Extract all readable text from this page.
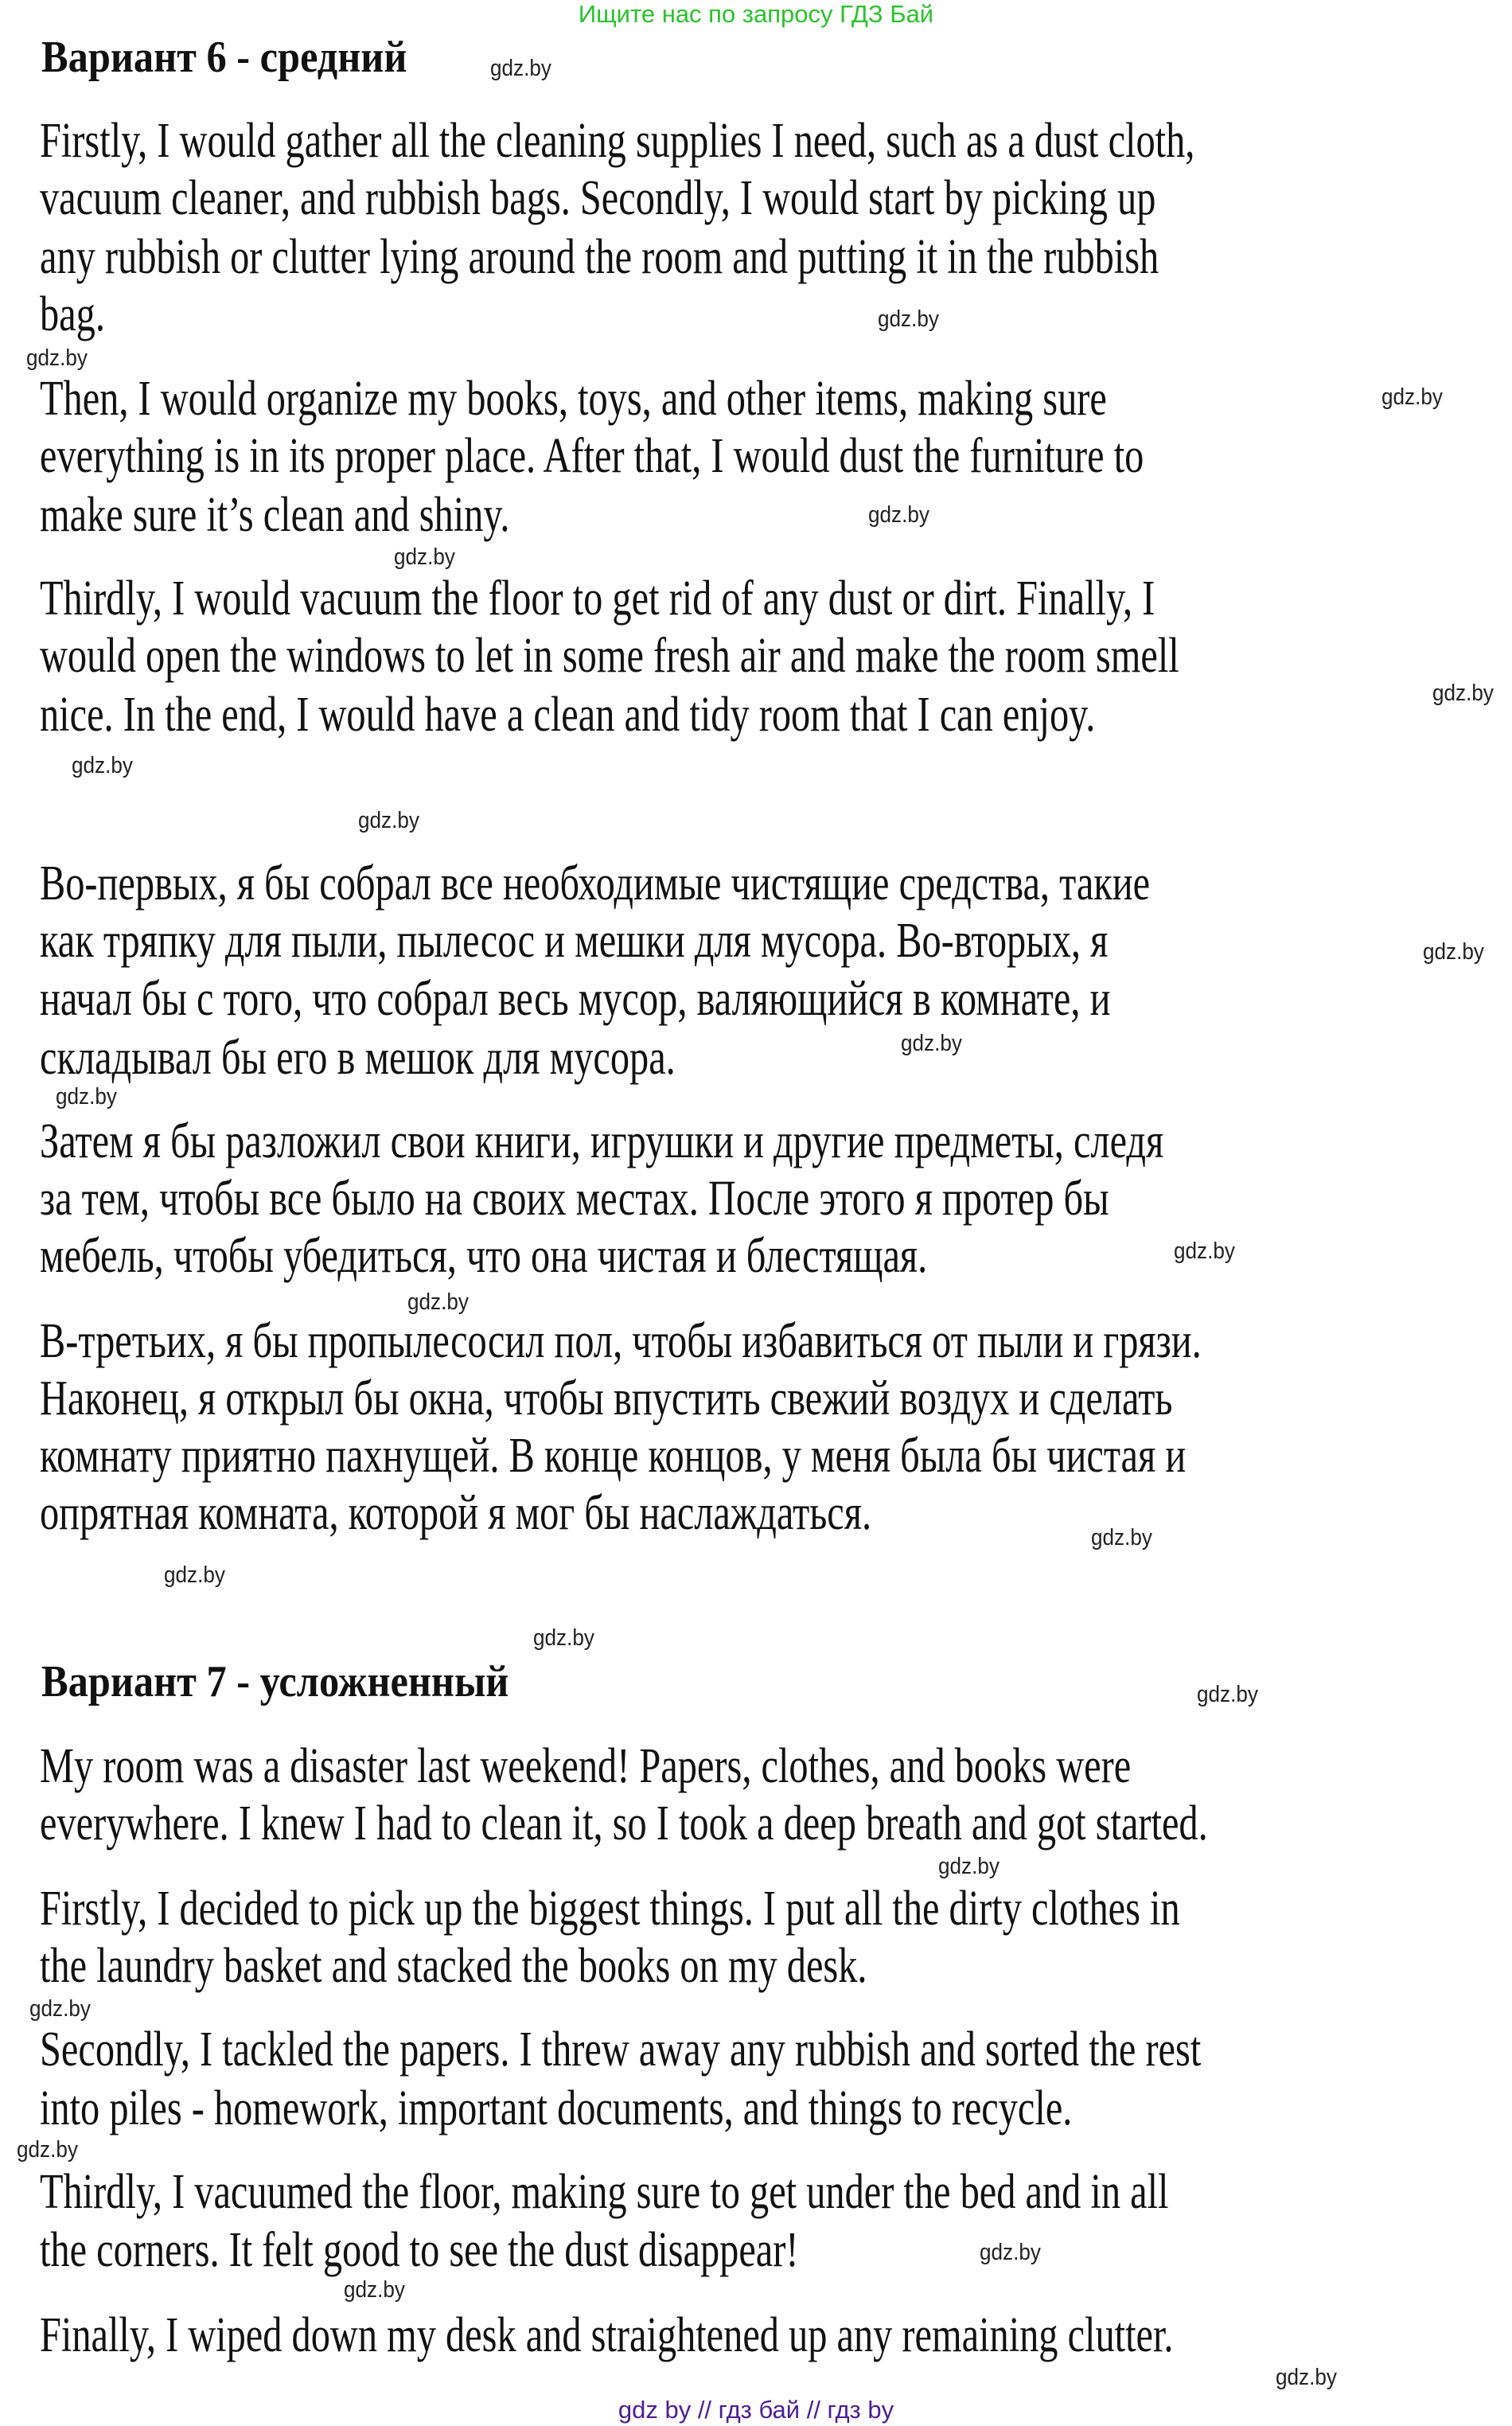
Ищите нас по запросу ГДЗ Бай
Вариант 6 - средний
Вариант 7 - усложненный
Firstly, I would gather all the cleaning supplies I need, such as a dust cloth,
vacuum cleaner, and rubbish bags. Secondly, I would start by picking up
any rubbish or clutter lying around the room and putting it in the rubbish
bag.
Then, I would organize my books, toys, and other items, making sure
everything is in its proper place. After that, I would dust the furniture to
make sure it’s clean and shiny.
Thirdly, I would vacuum the floor to get rid of any dust or dirt. Finally, I
would open the windows to let in some fresh air and make the room smell
nice. In the end, I would have a clean and tidy room that I can enjoy.
Во-первых, я бы собрал все необходимые чистящие средства, такие
как тряпку для пыли, пылесос и мешки для мусора. Во-вторых, я
начал бы с того, что собрал весь мусор, валяющийся в комнате, и
складывал бы его в мешок для мусора.
Затем я бы разложил свои книги, игрушки и другие предметы, следя
за тем, чтобы все было на своих местах. После этого я протер бы
мебель, чтобы убедиться, что она чистая и блестящая.
В-третьих, я бы пропылесосил пол, чтобы избавиться от пыли и грязи.
Наконец, я открыл бы окна, чтобы впустить свежий воздух и сделать
комнату приятно пахнущей. В конце концов, у меня была бы чистая и
опрятная комната, которой я мог бы наслаждаться.
My room was a disaster last weekend! Papers, clothes, and books were
everywhere. I knew I had to clean it, so I took a deep breath and got started.
Firstly, I decided to pick up the biggest things. I put all the dirty clothes in
the laundry basket and stacked the books on my desk.
Secondly, I tackled the papers. I threw away any rubbish and sorted the rest
into piles - homework, important documents, and things to recycle.
Thirdly, I vacuumed the floor, making sure to get under the bed and in all
the corners. It felt good to see the dust disappear!
Finally, I wiped down my desk and straightened up any remaining clutter.
gdz.by
gdz.by
gdz.by
gdz.by
gdz.by
gdz.by
gdz.by
gdz.by
gdz.by
gdz.by
gdz.by
gdz.by
gdz.by
gdz.by
gdz.by
gdz.by
gdz.by
gdz.by
gdz.by
gdz.by
gdz.by
gdz.by
gdz.by
gdz.by
gdz by // гдз бай // гдз by
